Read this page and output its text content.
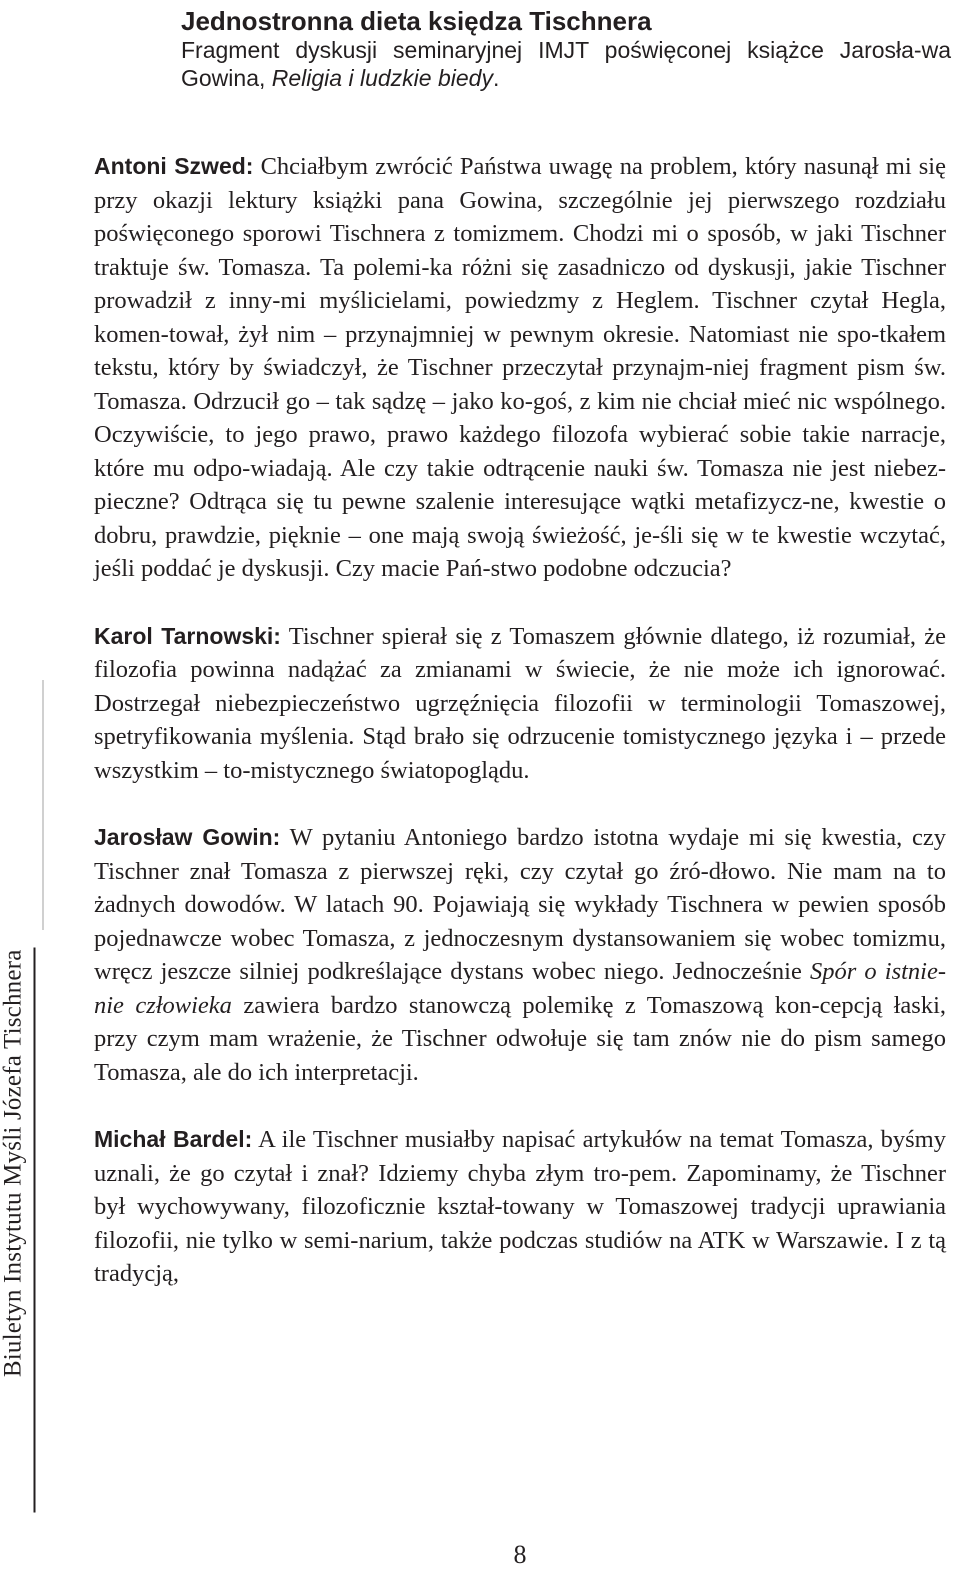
Jednostronna dieta księdza Tischnera

Fragment dyskusji seminaryjnej IMJT poświęconej książce Jarosła-wa Gowina, Religia i ludzkie biedy.

Antoni Szwed: Chciałbym zwrócić Państwa uwagę na problem, który nasunął mi się przy okazji lektury książki pana Gowina, szczególnie jej pierwszego rozdziału poświęconego sporowi Tischnera z tomizmem. Chodzi mi o sposób, w jaki Tischner traktuje św. Tomasza. Ta polemi-ka różni się zasadniczo od dyskusji, jakie Tischner prowadził z inny-mi myślicielami, powiedzmy z Heglem. Tischner czytał Hegla, komen-tował, żył nim – przynajmniej w pewnym okresie. Natomiast nie spo-tkałem tekstu, który by świadczył, że Tischner przeczytał przynajm-niej fragment pism św. Tomasza. Odrzucił go – tak sądzę – jako ko-goś, z kim nie chciał mieć nic wspólnego. Oczywiście, to jego prawo, prawo każdego filozofa wybierać sobie takie narracje, które mu odpo-wiadają. Ale czy takie odtrącenie nauki św. Tomasza nie jest niebez-pieczne? Odtrąca się tu pewne szalenie interesujące wątki metafizycz-ne, kwestie o dobru, prawdzie, pięknie – one mają swoją świeżość, je-śli się w te kwestie wczytać, jeśli poddać je dyskusji. Czy macie Pań-stwo podobne odczucia?

Karol Tarnowski: Tischner spierał się z Tomaszem głównie dlatego, iż rozumiał, że filozofia powinna nadążać za zmianami w świecie, że nie może ich ignorować. Dostrzegał niebezpieczeństwo ugrzęźnięcia filozofii w terminologii Tomaszowej, spetryfikowania myślenia. Stąd brało się odrzucenie tomistycznego języka i – przede wszystkim – to-mistycznego światopoglądu.

Jarosław Gowin: W pytaniu Antoniego bardzo istotna wydaje mi się kwestia, czy Tischner znał Tomasza z pierwszej ręki, czy czytał go źró-dłowo. Nie mam na to żadnych dowodów. W latach 90. Pojawiają się wykłady Tischnera w pewien sposób pojednawcze wobec Tomasza, z jednoczesnym dystansowaniem się wobec tomizmu, wręcz jeszcze silniej podkreślające dystans wobec niego. Jednocześnie Spór o istnie-nie człowieka zawiera bardzo stanowczą polemikę z Tomaszową kon-cepcją łaski, przy czym mam wrażenie, że Tischner odwołuje się tam znów nie do pism samego Tomasza, ale do ich interpretacji.

Michał Bardel: A ile Tischner musiałby napisać artykułów na temat Tomasza, byśmy uznali, że go czytał i znał? Idziemy chyba złym tro-pem. Zapominamy, że Tischner był wychowywany, filozoficznie kształ-towany w Tomaszowej tradycji uprawiania filozofii, nie tylko w semi-narium, także podczas studiów na ATK w Warszawie. I z tą tradycją,

Biuletyn Instytutu Myśli Józefa Tischnera
8
